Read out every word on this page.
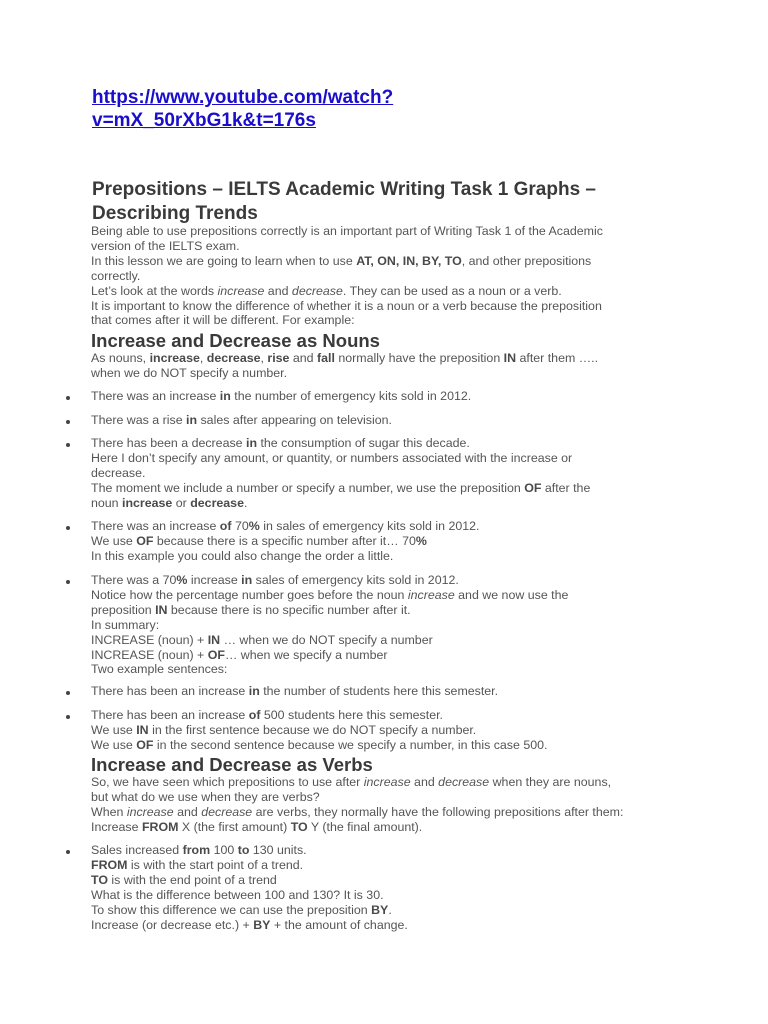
https://www.youtube.com/watch?
v=mX_50rXbG1k&t=176s
Prepositions – IELTS Academic Writing Task 1 Graphs –
Describing Trends

Being able to use prepositions correctly is an important part of Writing Task 1 of the Academic

version of the IELTS exam.

In this lesson we are going to learn when to use AT, ON, IN, BY, TO, and other prepositions

correctly.

Let’s look at the words increase and decrease. They can be used as a noun or a verb.

It is important to know the difference of whether it is a noun or a verb because the preposition

that comes after it will be different. For example:

Increase and Decrease as Nouns

As nouns, increase, decrease, rise and fall normally have the preposition IN after them …..

when we do NOT specify a number.

There was an increase in the number of emergency kits sold in 2012.

There was a rise in sales after appearing on television.

There has been a decrease in the consumption of sugar this decade.

Here I don’t specify any amount, or quantity, or numbers associated with the increase or

decrease.

The moment we include a number or specify a number, we use the preposition OF after the

noun increase or decrease.

There was an increase of 70% in sales of emergency kits sold in 2012.

We use OF because there is a specific number after it… 70%

In this example you could also change the order a little.

There was a 70% increase in sales of emergency kits sold in 2012.

Notice how the percentage number goes before the noun increase and we now use the

preposition IN because there is no specific number after it.

In summary:

INCREASE (noun) + IN … when we do NOT specify a number

INCREASE (noun) + OF… when we specify a number

Two example sentences:

There has been an increase in the number of students here this semester.

There has been an increase of 500 students here this semester.

We use IN in the first sentence because we do NOT specify a number.

We use OF in the second sentence because we specify a number, in this case 500.

Increase and Decrease as Verbs

So, we have seen which prepositions to use after increase and decrease when they are nouns,

but what do we use when they are verbs?

When increase and decrease are verbs, they normally have the following prepositions after them:

Increase FROM X (the first amount) TO Y (the final amount).

Sales increased from 100 to 130 units.

FROM is with the start point of a trend.

TO is with the end point of a trend

What is the difference between 100 and 130? It is 30.

To show this difference we can use the preposition BY.

Increase (or decrease etc.) + BY + the amount of change.
